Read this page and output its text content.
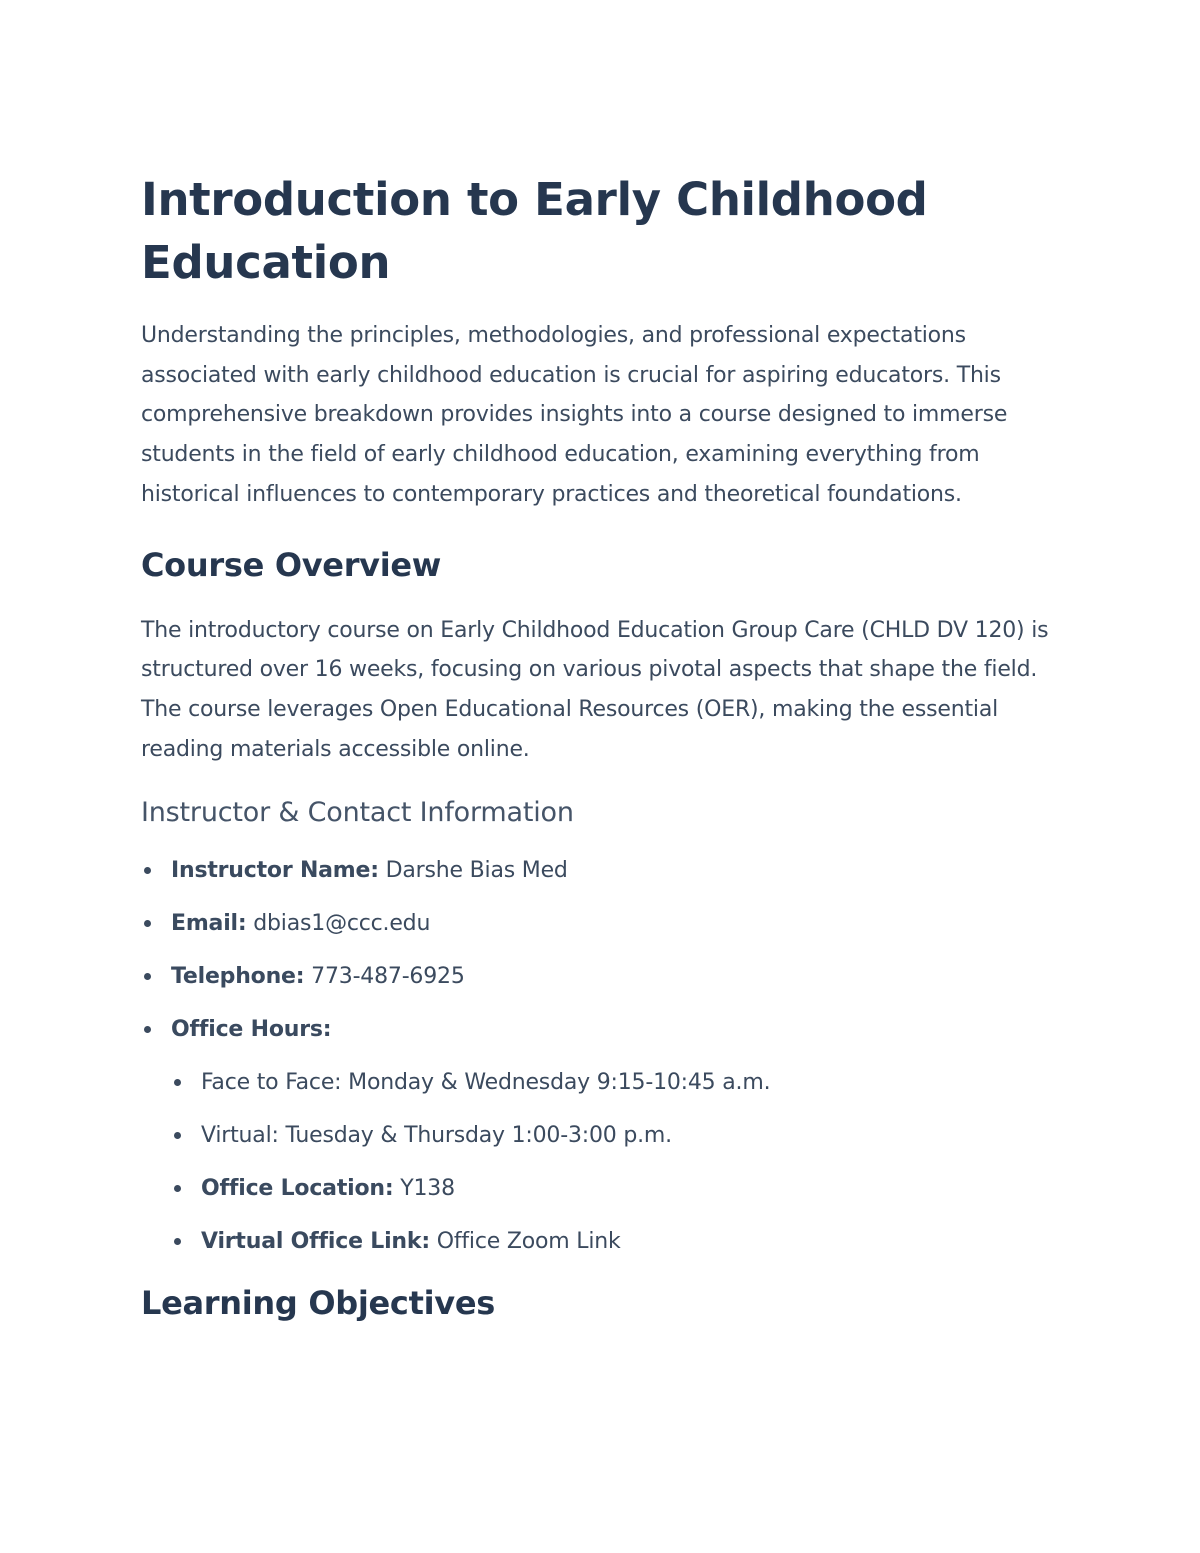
Introduction to Early Childhood Education

Understanding the principles, methodologies, and professional expectations associated with early childhood education is crucial for aspiring educators. This comprehensive breakdown provides insights into a course designed to immerse students in the field of early childhood education, examining everything from historical influences to contemporary practices and theoretical foundations.

Course Overview

The introductory course on Early Childhood Education Group Care (CHLD DV 120) is structured over 16 weeks, focusing on various pivotal aspects that shape the field. The course leverages Open Educational Resources (OER), making the essential reading materials accessible online.

Instructor & Contact Information
Instructor Name: Darshe Bias Med
Email: dbias1@ccc.edu
Telephone: 773-487-6925
Office Hours:
Face to Face: Monday & Wednesday 9:15-10:45 a.m.
Virtual: Tuesday & Thursday 1:00-3:00 p.m.
Office Location: Y138
Virtual Office Link: Office Zoom Link
Learning Objectives
